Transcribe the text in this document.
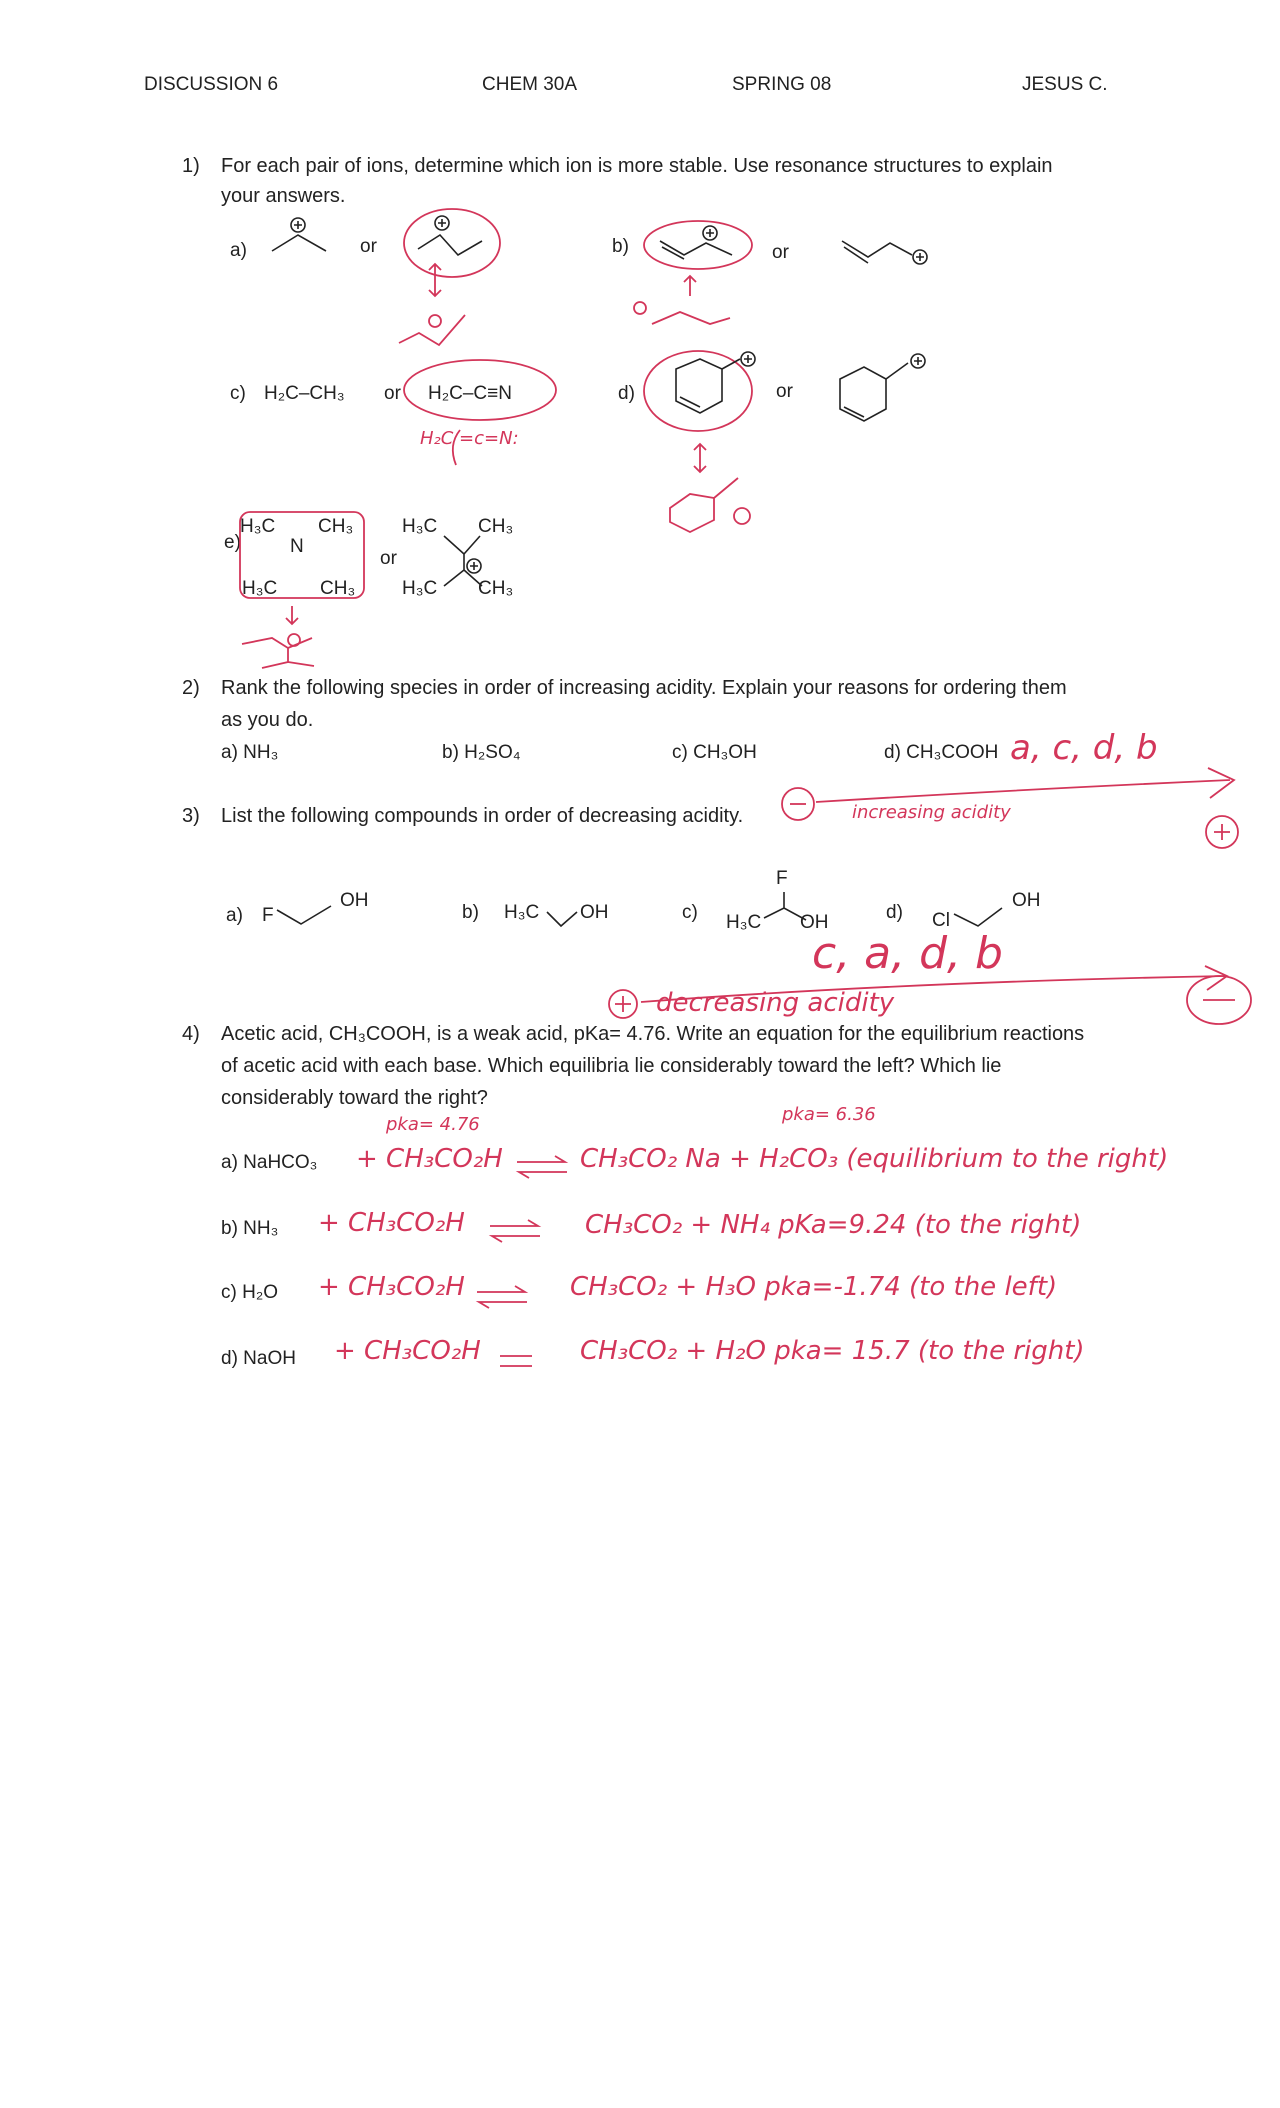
DISCUSSION 6	CHEM 30A	SPRING 08	JESUS C.
1) For each pair of ions, determine which ion is more stable. Use resonance structures to explain
your answers.
a)	or	b)	or
c) H₂C–CH₃ or H₂C–C≡N
H₂C =c=N:
d)	or
e)
H₃C CH₃
N
H₃C CH₃
or
H₃C CH₃
H₃C CH₃
2) Rank the following species in order of increasing acidity. Explain your reasons for ordering them
as you do.
a) NH₃	b) H₂SO₄	c) CH₃OH	d) CH₃COOH a, c, d, b
increasing acidity
3) List the following compounds in order of decreasing acidity.
a) F
OH
b) H₃C OH	c)
F
H₃C OH	d) Cl
OH
c, a, d, b
decreasing acidity
4) Acetic acid, CH₃COOH, is a weak acid, pKa= 4.76. Write an equation for the equilibrium reactions
of acetic acid with each base. Which equilibria lie considerably toward the left? Which lie
considerably toward the right?
pka= 4.76	pka= 6.36
a) NaHCO₃ + CH₃CO₂H	CH₃CO₂ Na + H₂CO₃ (equilibrium to the right)
b) NH₃ + CH₃CO₂H	CH₃CO₂ + NH₄ pKa=9.24 (to the right)
c) H₂O + CH₃CO₂H	CH₃CO₂ + H₃O pka=-1.74 (to the left)
d) NaOH + CH₃CO₂H	CH₃CO₂ + H₂O pka= 15.7 (to the right)
